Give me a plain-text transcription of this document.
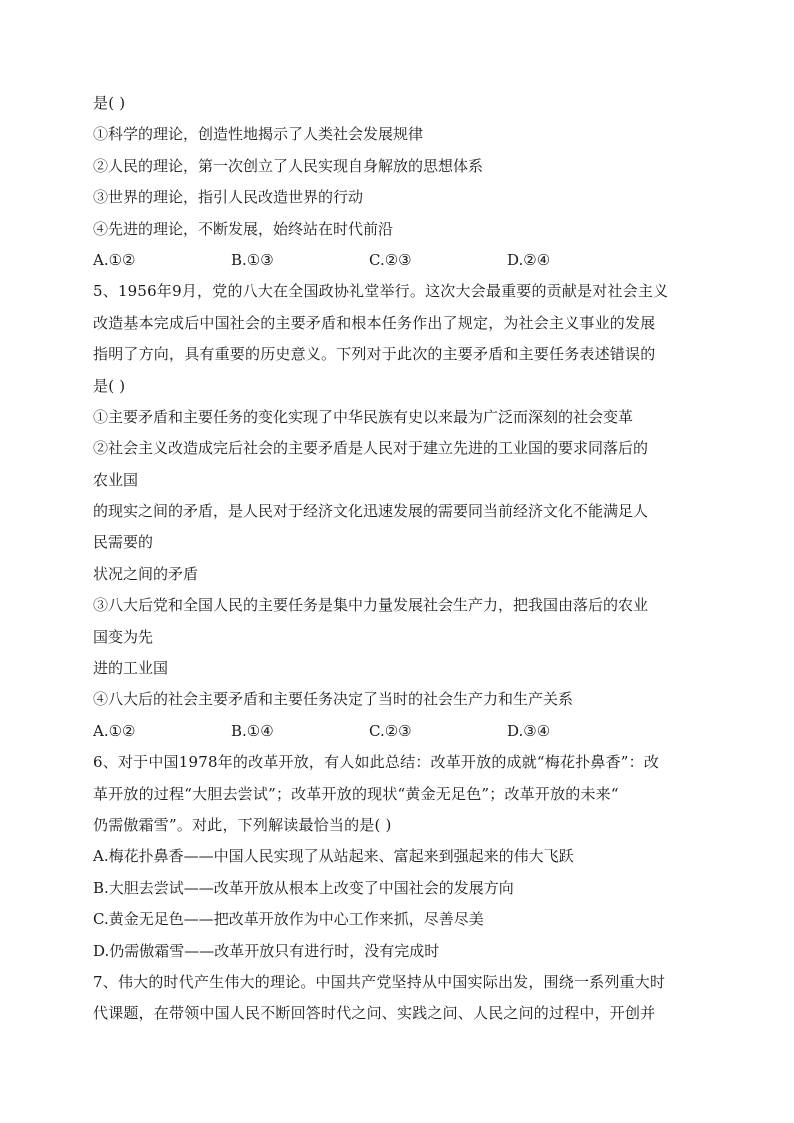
是( )
①科学的理论，创造性地揭示了人类社会发展规律
②人民的理论，第一次创立了人民实现自身解放的思想体系
③世界的理论，指引人民改造世界的行动
④先进的理论，不断发展，始终站在时代前沿
A.①②	B.①③	C.②③	D.②④
5、1956年9月，党的八大在全国政协礼堂举行。这次大会最重要的贡献是对社会主义
改造基本完成后中国社会的主要矛盾和根本任务作出了规定，为社会主义事业的发展
指明了方向，具有重要的历史意义。下列对于此次的主要矛盾和主要任务表述错误的
是( )
①主要矛盾和主要任务的变化实现了中华民族有史以来最为广泛而深刻的社会变革
②社会主义改造成完后社会的主要矛盾是人民对于建立先进的工业国的要求同落后的
农业国
的现实之间的矛盾，是人民对于经济文化迅速发展的需要同当前经济文化不能满足人
民需要的
状况之间的矛盾
③八大后党和全国人民的主要任务是集中力量发展社会生产力，把我国由落后的农业
国变为先
进的工业国
④八大后的社会主要矛盾和主要任务决定了当时的社会生产力和生产关系
A.①②	B.①④	C.②③	D.③④
6、对于中国1978年的改革开放，有人如此总结：改革开放的成就“梅花扑鼻香”：改
革开放的过程“大胆去尝试”；改革开放的现状“黄金无足色”；改革开放的未来“
仍需傲霜雪”。对此，下列解读最恰当的是( )
A.梅花扑鼻香——中国人民实现了从站起来、富起来到强起来的伟大飞跃
B.大胆去尝试——改革开放从根本上改变了中国社会的发展方向
C.黄金无足色——把改革开放作为中心工作来抓，尽善尽美
D.仍需傲霜雪——改革开放只有进行时，没有完成时
7、伟大的时代产生伟大的理论。中国共产党坚持从中国实际出发，围绕一系列重大时
代课题，在带领中国人民不断回答时代之问、实践之问、人民之问的过程中，开创并
